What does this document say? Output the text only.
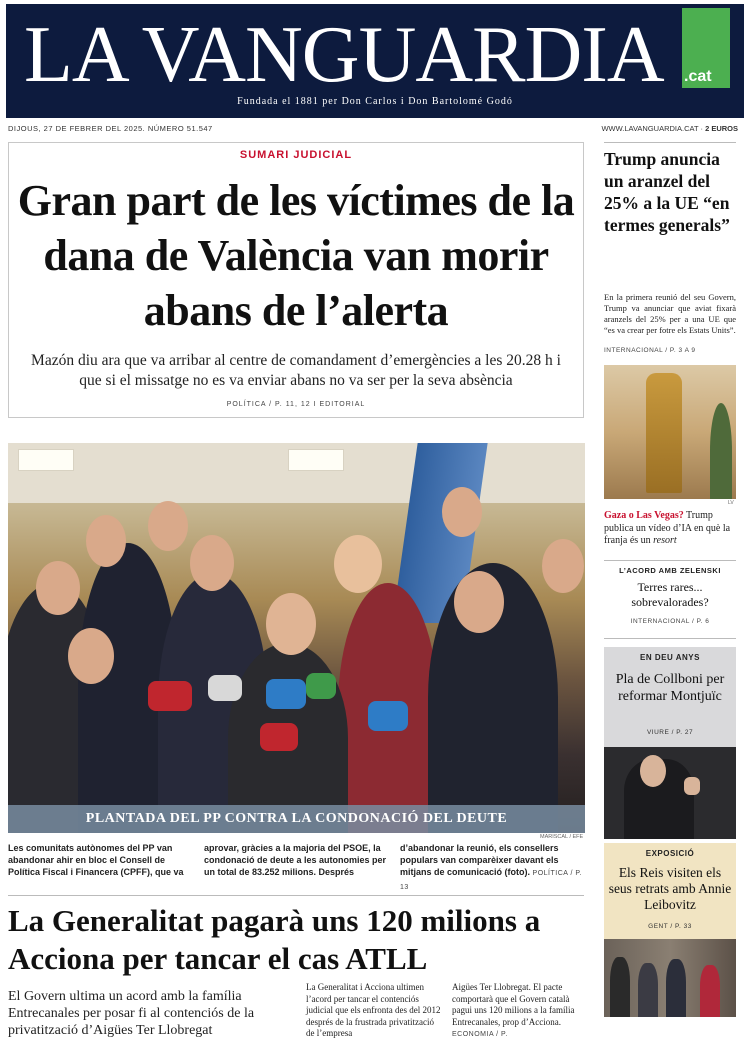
LA VANGUARDIA .cat
Fundada el 1881 per Don Carlos i Don Bartolomé Godó
DIJOUS, 27 DE FEBRER DEL 2025. NÚMERO 51.547	WWW.LAVANGUARDIA.CAT · 2 EUROS
SUMARI JUDICIAL
Gran part de les víctimes de la dana de València van morir abans de l’alerta
Mazón diu ara que va arribar al centre de comandament d’emergències a les 20.28 h i que si el missatge no es va enviar abans no va ser per la seva absència
POLÍTICA / P. 11, 12 I EDITORIAL
PLANTADA DEL PP CONTRA LA CONDONACIÓ DEL DEUTE
MARISCAL / EFE
Les comunitats autònomes del PP van abandonar ahir en bloc el Consell de Política Fiscal i Financera (CPFF), que va
aprovar, gràcies a la majoria del PSOE, la condonació de deute a les autonomies per un total de 83.252 milions. Després
d’abandonar la reunió, els consellers populars van comparèixer davant els mitjans de comunicació (foto). POLÍTICA / P. 13
La Generalitat pagarà uns 120 milions a Acciona per tancar el cas ATLL
El Govern ultima un acord amb la família Entrecanales per posar fi al contenciós de la privatització d’Aigües Ter Llobregat
La Generalitat i Acciona ultimen l’acord per tancar el contenciós judicial que els enfronta des del 2012 després de la frustrada privatització de l’empresa
Aigües Ter Llobregat. El pacte comportarà que el Govern català pagui uns 120 milions a la família Entrecanales, prop d’Acciona. ECONOMIA / P.
Trump anuncia un aranzel del 25% a la UE “en termes generals”
En la primera reunió del seu Govern, Trump va anunciar que aviat fixarà aranzels del 25% per a una UE que “es va crear per fotre els Estats Units”.
INTERNACIONAL / P. 3 A 9
LV
Gaza o Las Vegas? Trump publica un vídeo d’IA en què la franja és un resort
L’ACORD AMB ZELENSKI
Terres rares... sobrevalorades?
INTERNACIONAL / P. 6
EN DEU ANYS
Pla de Collboni per reformar Montjuïc
VIURE / P. 27
EXPOSICIÓ
Els Reis visiten els seus retrats amb Annie Leibovitz
GENT / P. 33
